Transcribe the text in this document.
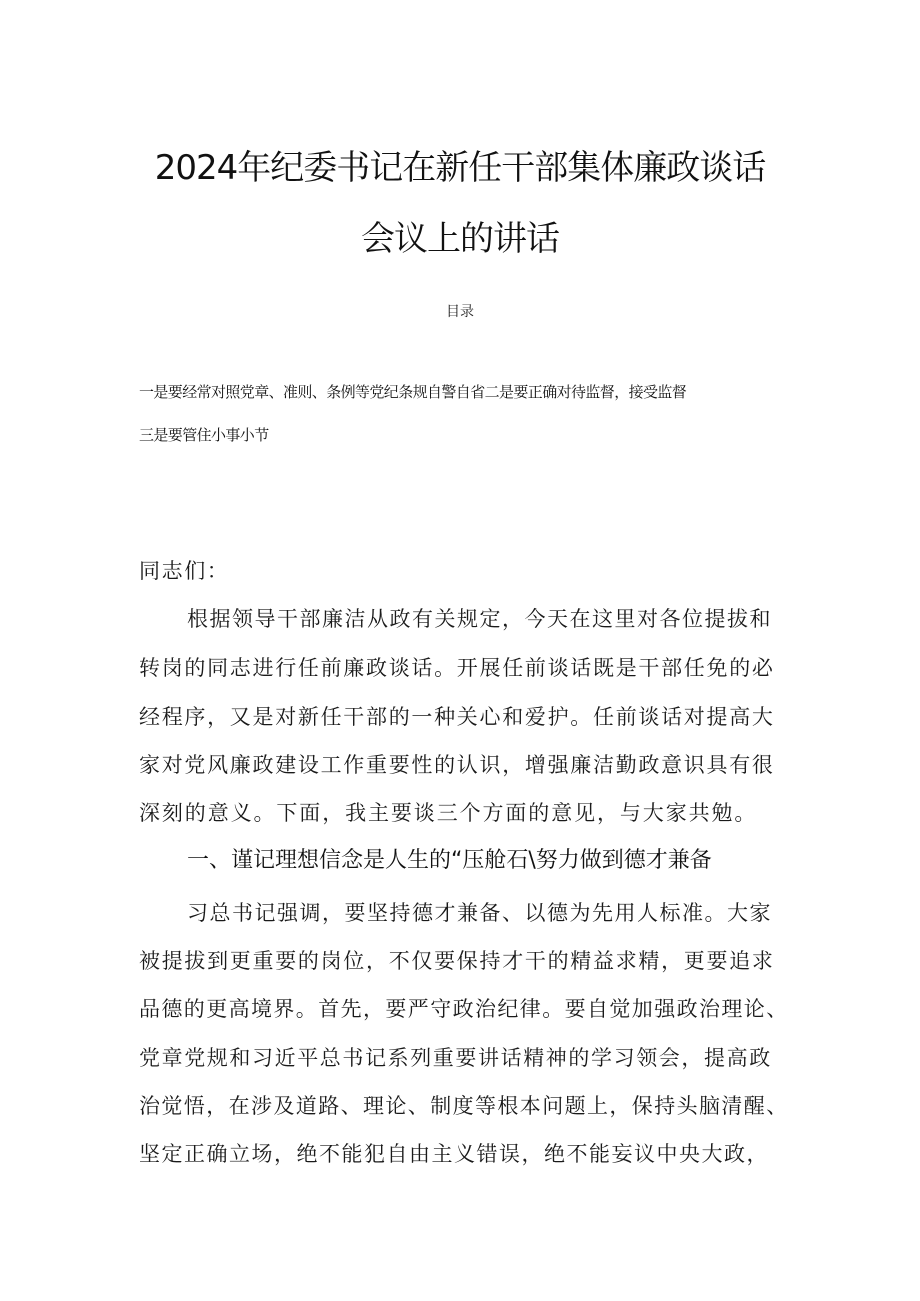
2024年纪委书记在新任干部集体廉政谈话
会议上的讲话
目录
一是要经常对照党章、准则、条例等党纪条规自警自省二是要正确对待监督，接受监督
三是要管住小事小节
同志们：
根据领导干部廉洁从政有关规定，今天在这里对各位提拔和
转岗的同志进行任前廉政谈话。开展任前谈话既是干部任免的必
经程序，又是对新任干部的一种关心和爱护。任前谈话对提高大
家对党风廉政建设工作重要性的认识，增强廉洁勤政意识具有很
深刻的意义。下面，我主要谈三个方面的意见，与大家共勉。
一、谨记理想信念是人生的“压舱石\努力做到德才兼备
习总书记强调，要坚持德才兼备、以德为先用人标准。大家
被提拔到更重要的岗位，不仅要保持才干的精益求精，更要追求
品德的更高境界。首先，要严守政治纪律。要自觉加强政治理论、
党章党规和习近平总书记系列重要讲话精神的学习领会，提高政
治觉悟，在涉及道路、理论、制度等根本问题上，保持头脑清醒、
坚定正确立场，绝不能犯自由主义错误，绝不能妄议中央大政，
